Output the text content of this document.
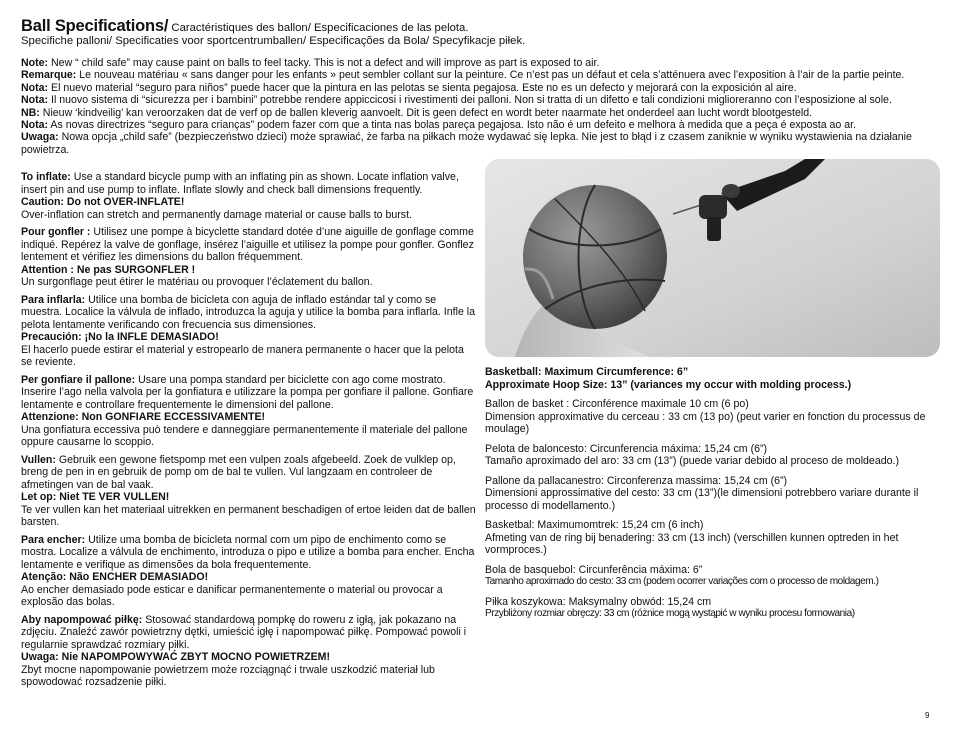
Ball Specifications/ Caractéristiques des ballon/ Especificaciones de las pelota.
Specifiche palloni/ Specificaties voor sportcentrumballen/ Especificações da Bola/ Specyfikacje piłek.

Note: New “ child safe” may cause paint on balls to feel tacky. This is not a defect and will improve as part is exposed to air.

Remarque: Le nouveau matériau « sans danger pour les enfants » peut sembler collant sur la peinture. Ce n’est pas un défaut et cela s’atténuera avec l’exposition à l’air de la partie peinte.

Nota: El nuevo material “seguro para niños” puede hacer que la pintura en las pelotas se sienta pegajosa. Este no es un defecto y mejorará con la exposición al aire.

Nota: Il nuovo sistema di “sicurezza per i bambini” potrebbe rendere appiccicosi i rivestimenti dei palloni. Non si tratta di un difetto e tali condizioni miglioreranno con l’esposizione al sole.

NB: Nieuw ‘kindveilig’ kan veroorzaken dat de verf op de ballen kleverig aanvoelt. Dit is geen defect en wordt beter naarmate het onderdeel aan lucht wordt blootgesteld.

Nota: As novas directrizes “seguro para crianças” podem fazer com que a tinta nas bolas pareça pegajosa. Isto não é um defeito e melhora à medida que a peça é exposta ao ar.

Uwaga: Nowa opcja „child safe” (bezpieczeństwo dzieci) może sprawiać, że farba na piłkach może wydawać się lepka. Nie jest to błąd i z czasem zaniknie w wyniku wystawienia na działanie powietrza.

To inflate: Use a standard bicycle pump with an inflating pin as shown. Locate inflation valve, insert pin and use pump to inflate. Inflate slowly and check ball dimensions frequently.

Caution: Do not OVER-INFLATE!

Over-inflation can stretch and permanently damage material or cause balls to burst.

Pour gonfler : Utilisez une pompe à bicyclette standard dotée d’une aiguille de gonflage comme indiqué. Repérez la valve de gonflage, insérez l’aiguille et utilisez la pompe pour gonfler. Gonflez lentement et vérifiez les dimensions du ballon fréquemment.

Attention : Ne pas SURGONFLER !

Un surgonflage peut étirer le matériau ou provoquer l’éclatement du ballon.

Para inflarla: Utilice una bomba de bicicleta con aguja de inflado estándar tal y como se muestra. Localice la válvula de inflado, introduzca la aguja y utilice la bomba para inflarla. Infle la pelota lentamente verificando con frecuencia sus dimensiones.

Precaución: ¡No la INFLE DEMASIADO!

El hacerlo puede estirar el material y estropearlo de manera permanente o hacer que la pelota se reviente.

Per gonfiare il pallone: Usare una pompa standard per biciclette con ago come mostrato. Inserire l’ago nella valvola per la gonfiatura e utilizzare la pompa per gonfiare il pallone. Gonfiare lentamente e controllare frequentemente le dimensioni del pallone.

Attenzione: Non GONFIARE ECCESSIVAMENTE!

Una gonfiatura eccessiva può tendere e danneggiare permanentemente il materiale del pallone oppure causarne lo scoppio.

Vullen: Gebruik een gewone fietspomp met een vulpen zoals afgebeeld. Zoek de vulklep op, breng de pen in en gebruik de pomp om de bal te vullen. Vul langzaam en controleer de afmetingen van de bal vaak.

Let op: Niet TE VER VULLEN!

Te ver vullen kan het materiaal uitrekken en permanent beschadigen of ertoe leiden dat de ballen barsten.

Para encher: Utilize uma bomba de bicicleta normal com um pipo de enchimento como se mostra. Localize a válvula de enchimento, introduza o pipo e utilize a bomba para encher. Encha lentamente e verifique as dimensões da bola frequentemente.

Atenção: Não ENCHER DEMASIADO!

Ao encher demasiado pode esticar e danificar permanentemente o material ou provocar a explosão das bolas.

Aby napompować piłkę: Stosować standardową pompkę do roweru z igłą, jak pokazano na zdjęciu. Znaleźć zawór powietrzny dętki, umieścić igłę i napompować piłkę. Pompować powoli i regularnie sprawdzać rozmiary piłki.

Uwaga: Nie NAPOMPOWYWAĆ ZBYT MOCNO POWIETRZEM!

Zbyt mocne napompowanie powietrzem może rozciągnąć i trwale uszkodzić materiał lub spowodować rozsadzenie piłki.

Basketball: Maximum Circumference: 6”

Approximate Hoop Size: 13” (variances my occur with molding process.)

Ballon de basket : Circonférence maximale 10 cm (6 po)

Dimension approximative du cerceau : 33 cm (13 po) (peut varier en fonction du processus de moulage)

Pelota de baloncesto: Circunferencia máxima: 15,24 cm (6”)

Tamaño aproximado del aro: 33 cm (13”) (puede variar debido al proceso de moldeado.)

Pallone da pallacanestro: Circonferenza massima: 15,24 cm (6”)

Dimensioni approssimative del cesto: 33 cm (13”)(le dimensioni potrebbero variare durante il processo di modellamento.)

Basketbal: Maximumomtrek: 15,24 cm (6 inch)

Afmeting van de ring bij benadering: 33 cm (13 inch) (verschillen kunnen optreden in het vormproces.)

Bola de basquebol: Circunferência máxima: 6”

Tamanho aproximado do cesto: 33 cm (podem ocorrer variações com o processo de moldagem.)

Piłka koszykowa: Maksymalny obwód: 15,24 cm

Przybliżony rozmiar obręczy: 33 cm (różnice mogą wystąpić w wyniku procesu formowania)

9
